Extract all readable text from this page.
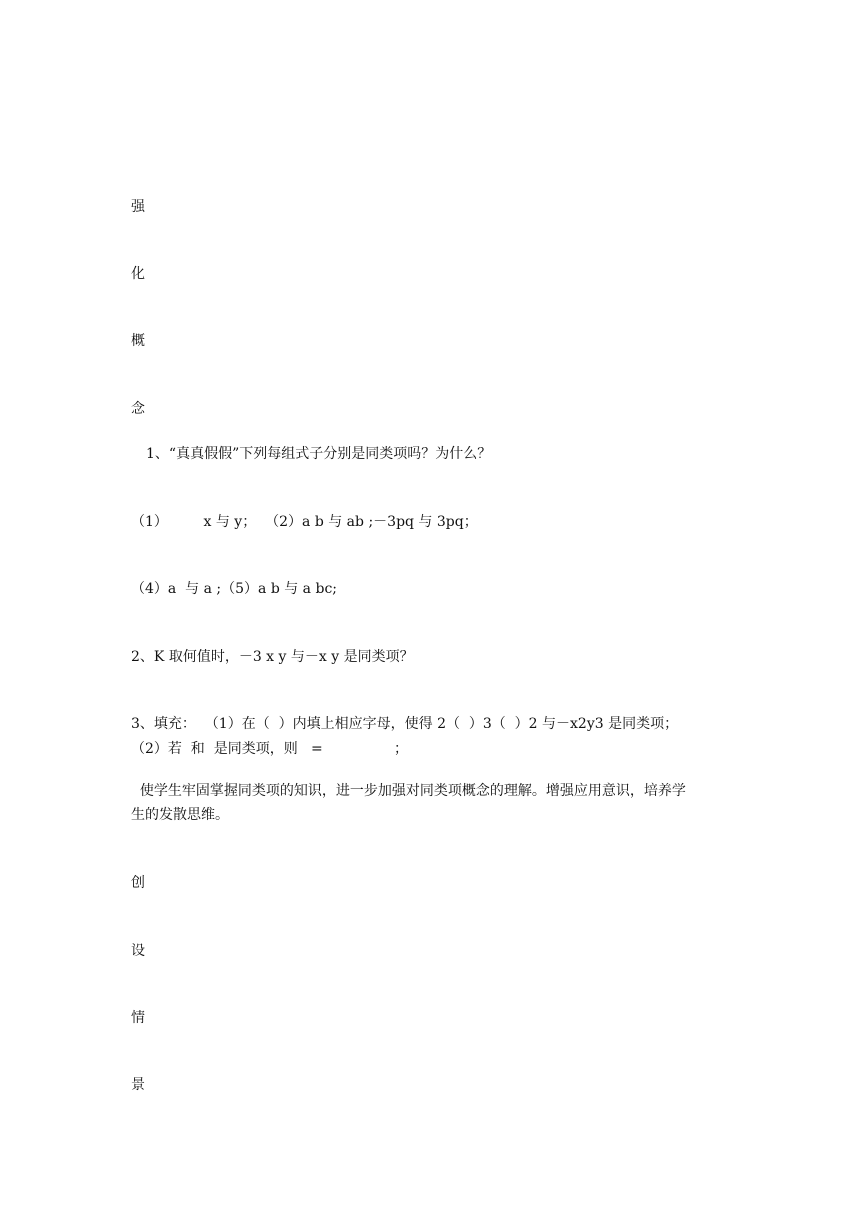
强
化
概
念
1、“真真假假”下列每组式子分别是同类项吗？为什么？
（1）        x 与 y；  （2）a b 与 ab ;－3pq 与 3pq；
（4）a  与 a ;（5）a b 与 a bc;
2、K 取何值时，－3 x y 与－x y 是同类项？
3、填充：  （1）在（  ）内填上相应字母，使得 2（  ）3（  ）2 与－x2y3 是同类项；
（2）若  和  是同类项，则   =                ；
使学生牢固掌握同类项的知识，进一步加强对同类项概念的理解。增强应用意识，培养学
生的发散思维。
创
设
情
景
